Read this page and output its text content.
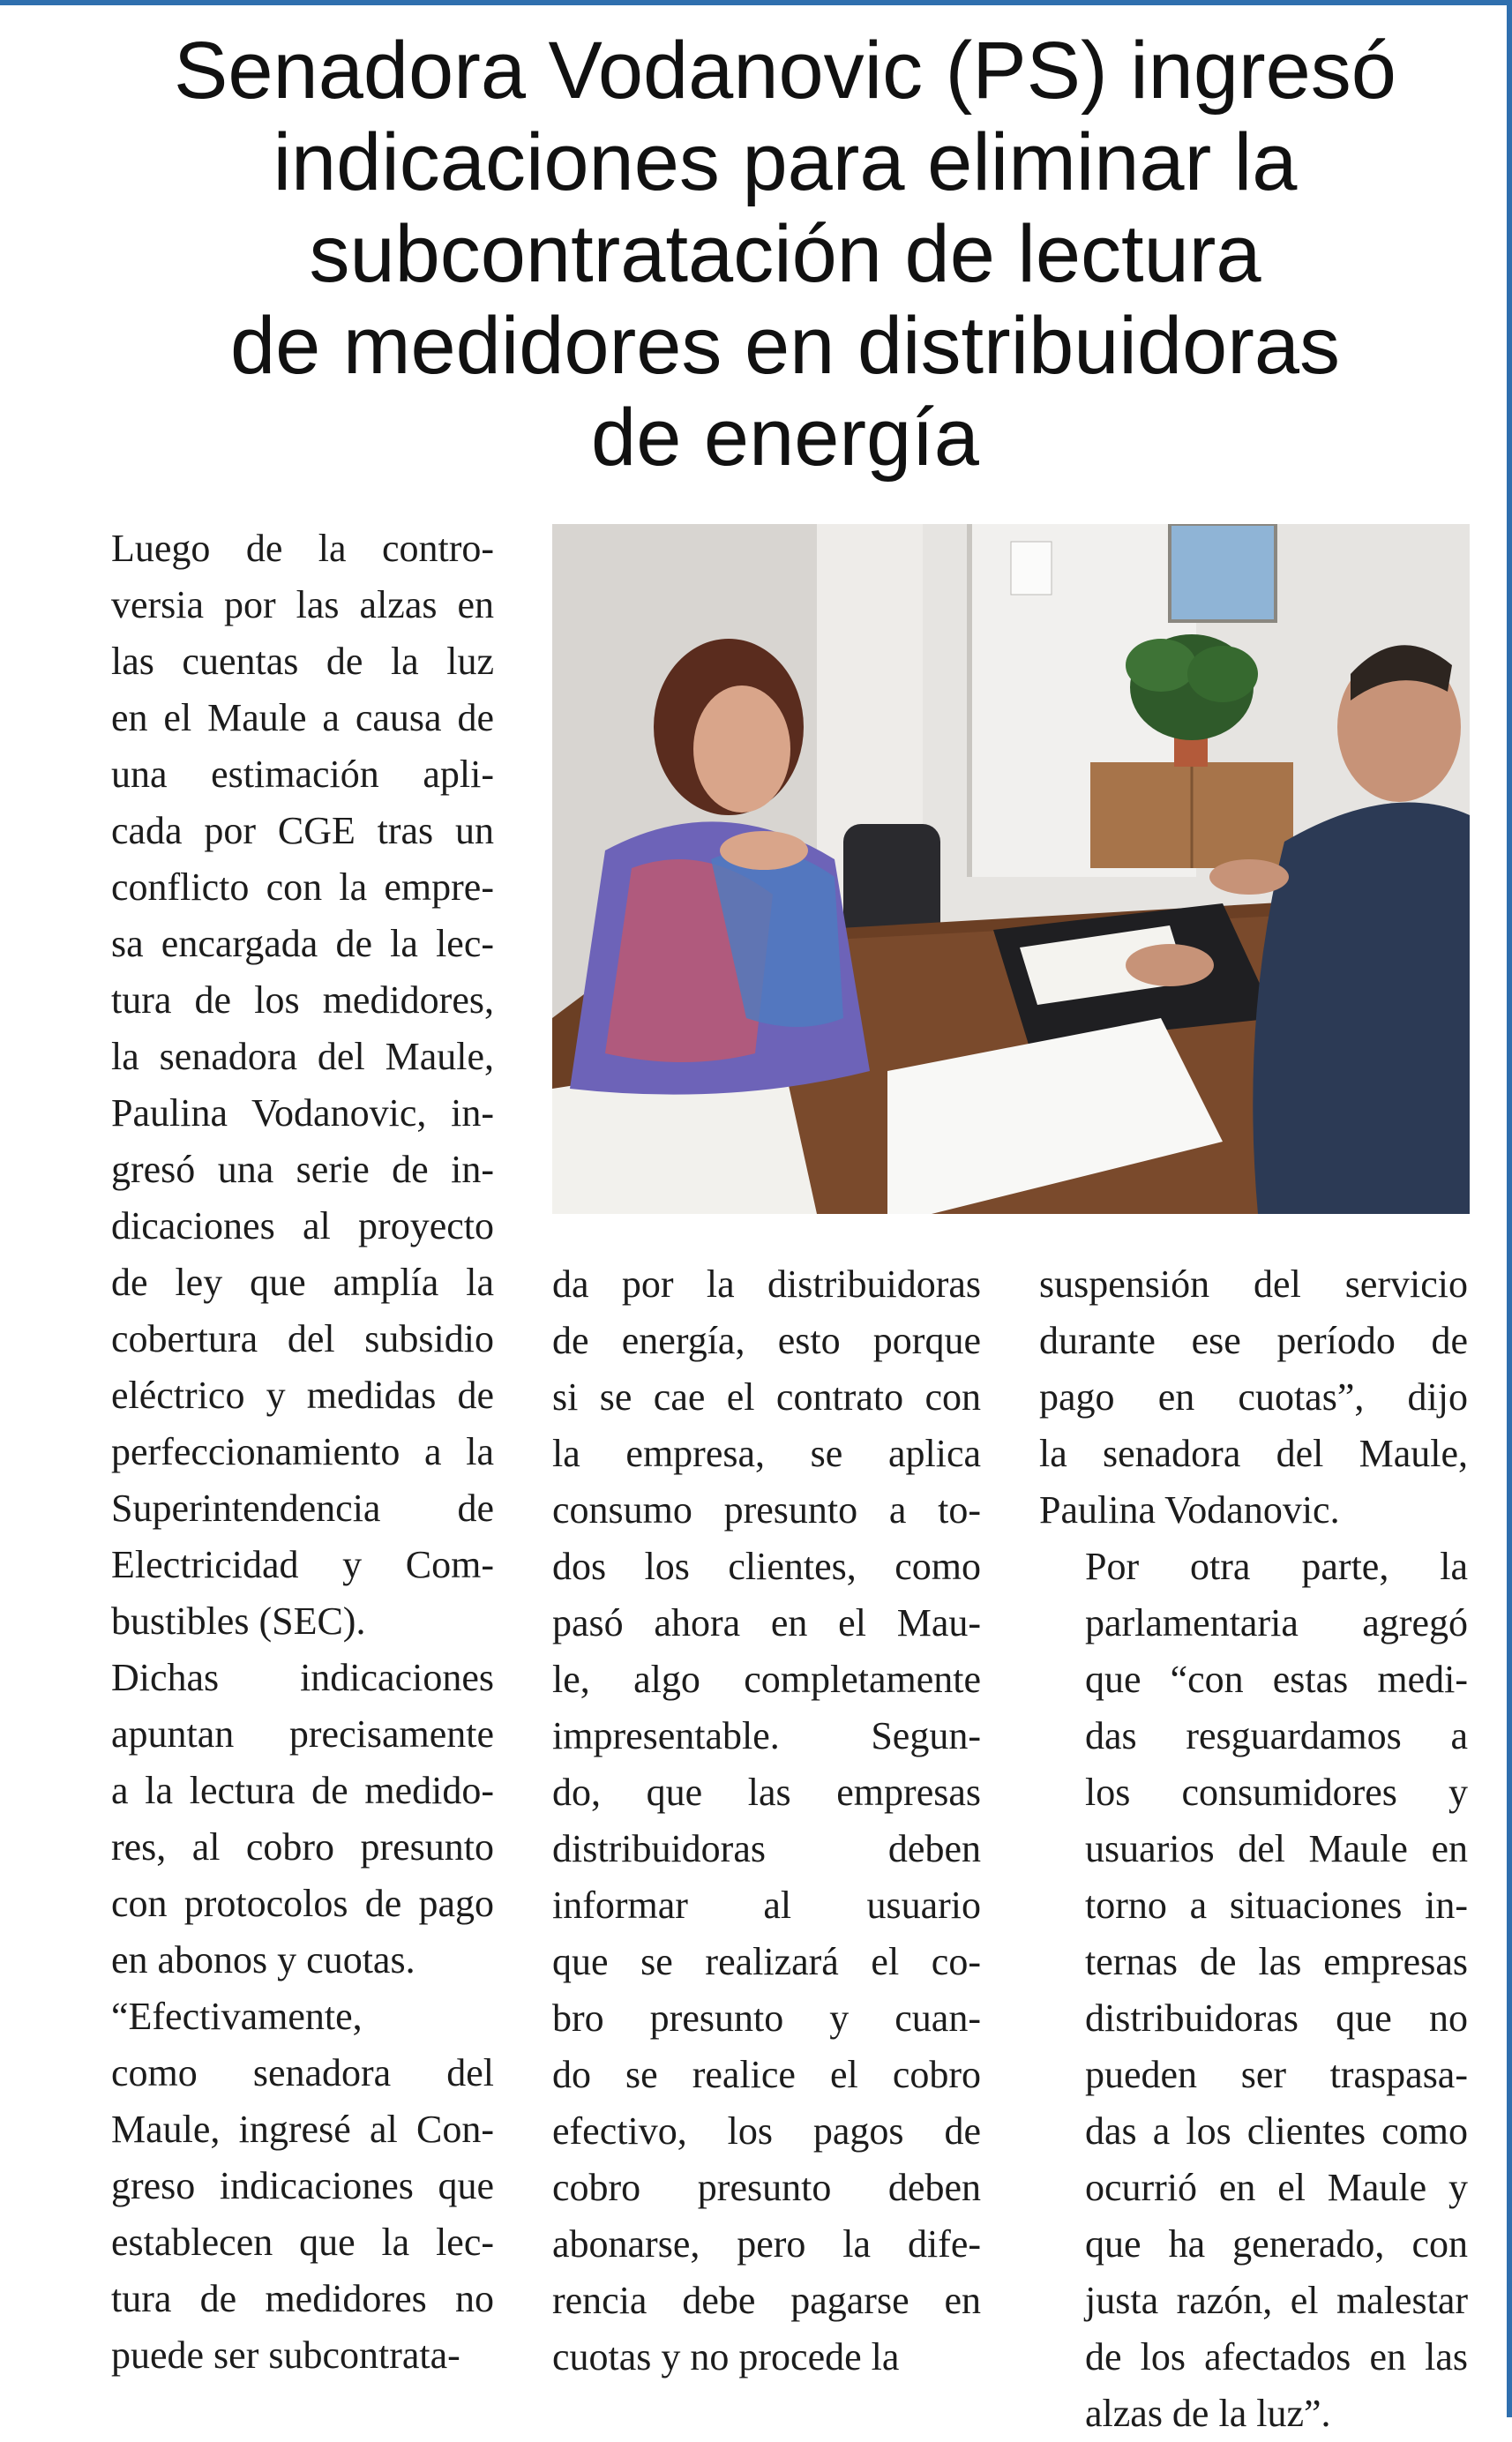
Senadora Vodanovic (PS) ingresó
indicaciones para eliminar la
subcontratación de lectura
de medidores en distribuidoras
de energía

Luego de la contro-
versia por las alzas en
las cuentas de la luz
en el Maule a causa de
una estimación apli-
cada por CGE tras un
conflicto con la empre-
sa encargada de la lec-
tura de los medidores,
la senadora del Maule,
Paulina Vodanovic, in-
gresó una serie de in-
dicaciones al proyecto
de ley que amplía la
cobertura del subsidio
eléctrico y medidas de
perfeccionamiento a la
Superintendencia de
Electricidad y Com-
bustibles (SEC).

Dichas indicaciones
apuntan precisamente
a la lectura de medido-
res, al cobro presunto
con protocolos de pago
en abonos y cuotas.

“Efectivamente,
como senadora del
Maule, ingresé al Con-
greso indicaciones que
establecen que la lec-
tura de medidores no
puede ser subcontrata-

da por la distribuidoras
de energía, esto porque
si se cae el contrato con
la empresa, se aplica
consumo presunto a to-
dos los clientes, como
pasó ahora en el Mau-
le, algo completamente
impresentable. Segun-
do, que las empresas
distribuidoras deben
informar al usuario
que se realizará el co-
bro presunto y cuan-
do se realice el cobro
efectivo, los pagos de
cobro presunto deben
abonarse, pero la dife-
rencia debe pagarse en
cuotas y no procede la

suspensión del servicio
durante ese período de
pago en cuotas”, dijo
la senadora del Maule,
Paulina Vodanovic.

Por otra parte, la
parlamentaria agregó
que “con estas medi-
das resguardamos a
los consumidores y
usuarios del Maule en
torno a situaciones in-
ternas de las empresas
distribuidoras que no
pueden ser traspasa-
das a los clientes como
ocurrió en el Maule y
que ha generado, con
justa razón, el malestar
de los afectados en las
alzas de la luz”.
